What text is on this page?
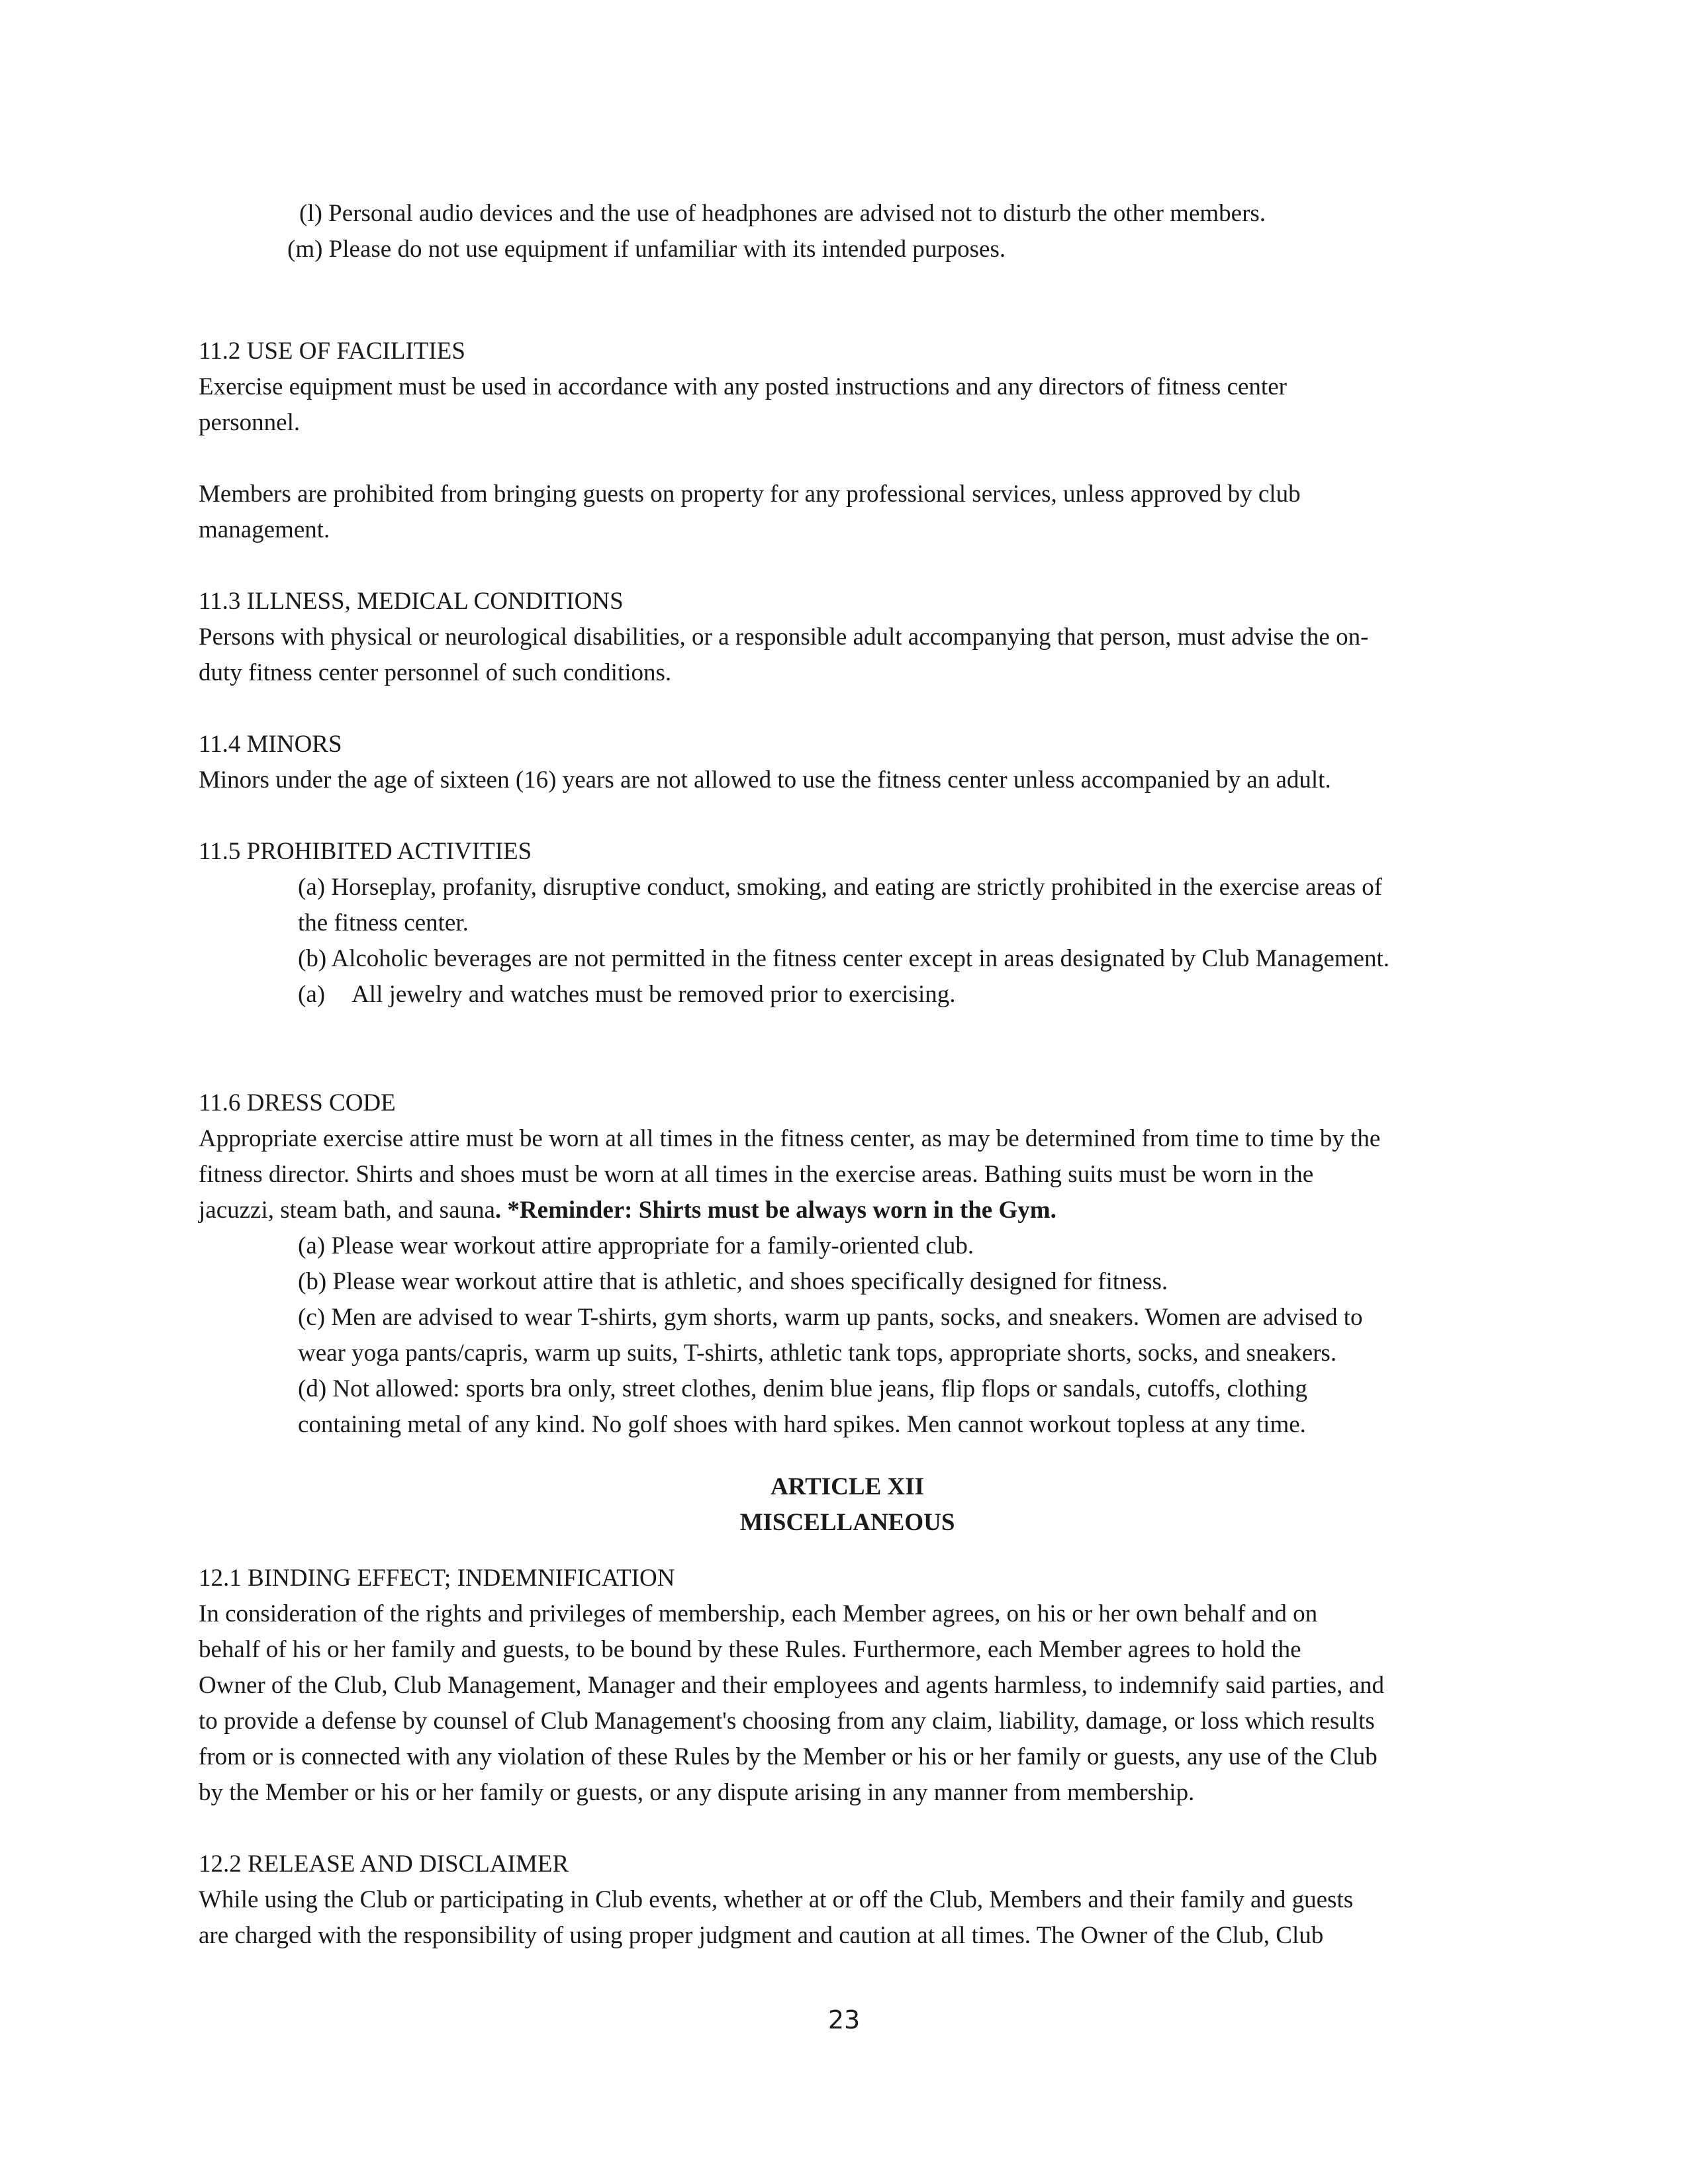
(l) Personal audio devices and the use of headphones are advised not to disturb the other members.
(m) Please do not use equipment if unfamiliar with its intended purposes.
11.2 USE OF FACILITIES
Exercise equipment must be used in accordance with any posted instructions and any directors of fitness center
personnel.
Members are prohibited from bringing guests on property for any professional services, unless approved by club
management.
11.3 ILLNESS, MEDICAL CONDITIONS
Persons with physical or neurological disabilities, or a responsible adult accompanying that person, must advise the on-
duty fitness center personnel of such conditions.
11.4 MINORS
Minors under the age of sixteen (16) years are not allowed to use the fitness center unless accompanied by an adult.
11.5 PROHIBITED ACTIVITIES
(a) Horseplay, profanity, disruptive conduct, smoking, and eating are strictly prohibited in the exercise areas of
the fitness center.
(b) Alcoholic beverages are not permitted in the fitness center except in areas designated by Club Management.
(a) All jewelry and watches must be removed prior to exercising.
11.6 DRESS CODE
Appropriate exercise attire must be worn at all times in the fitness center, as may be determined from time to time by the
fitness director. Shirts and shoes must be worn at all times in the exercise areas. Bathing suits must be worn in the
jacuzzi, steam bath, and sauna. *Reminder: Shirts must be always worn in the Gym.
(a) Please wear workout attire appropriate for a family-oriented club.
(b) Please wear workout attire that is athletic, and shoes specifically designed for fitness.
(c) Men are advised to wear T-shirts, gym shorts, warm up pants, socks, and sneakers. Women are advised to
wear yoga pants/capris, warm up suits, T-shirts, athletic tank tops, appropriate shorts, socks, and sneakers.
(d) Not allowed: sports bra only, street clothes, denim blue jeans, flip flops or sandals, cutoffs, clothing
containing metal of any kind. No golf shoes with hard spikes. Men cannot workout topless at any time.
ARTICLE XII
MISCELLANEOUS
12.1 BINDING EFFECT; INDEMNIFICATION
In consideration of the rights and privileges of membership, each Member agrees, on his or her own behalf and on
behalf of his or her family and guests, to be bound by these Rules. Furthermore, each Member agrees to hold the
Owner of the Club, Club Management, Manager and their employees and agents harmless, to indemnify said parties, and
to provide a defense by counsel of Club Management's choosing from any claim, liability, damage, or loss which results
from or is connected with any violation of these Rules by the Member or his or her family or guests, any use of the Club
by the Member or his or her family or guests, or any dispute arising in any manner from membership.
12.2 RELEASE AND DISCLAIMER
While using the Club or participating in Club events, whether at or off the Club, Members and their family and guests
are charged with the responsibility of using proper judgment and caution at all times. The Owner of the Club, Club
23
